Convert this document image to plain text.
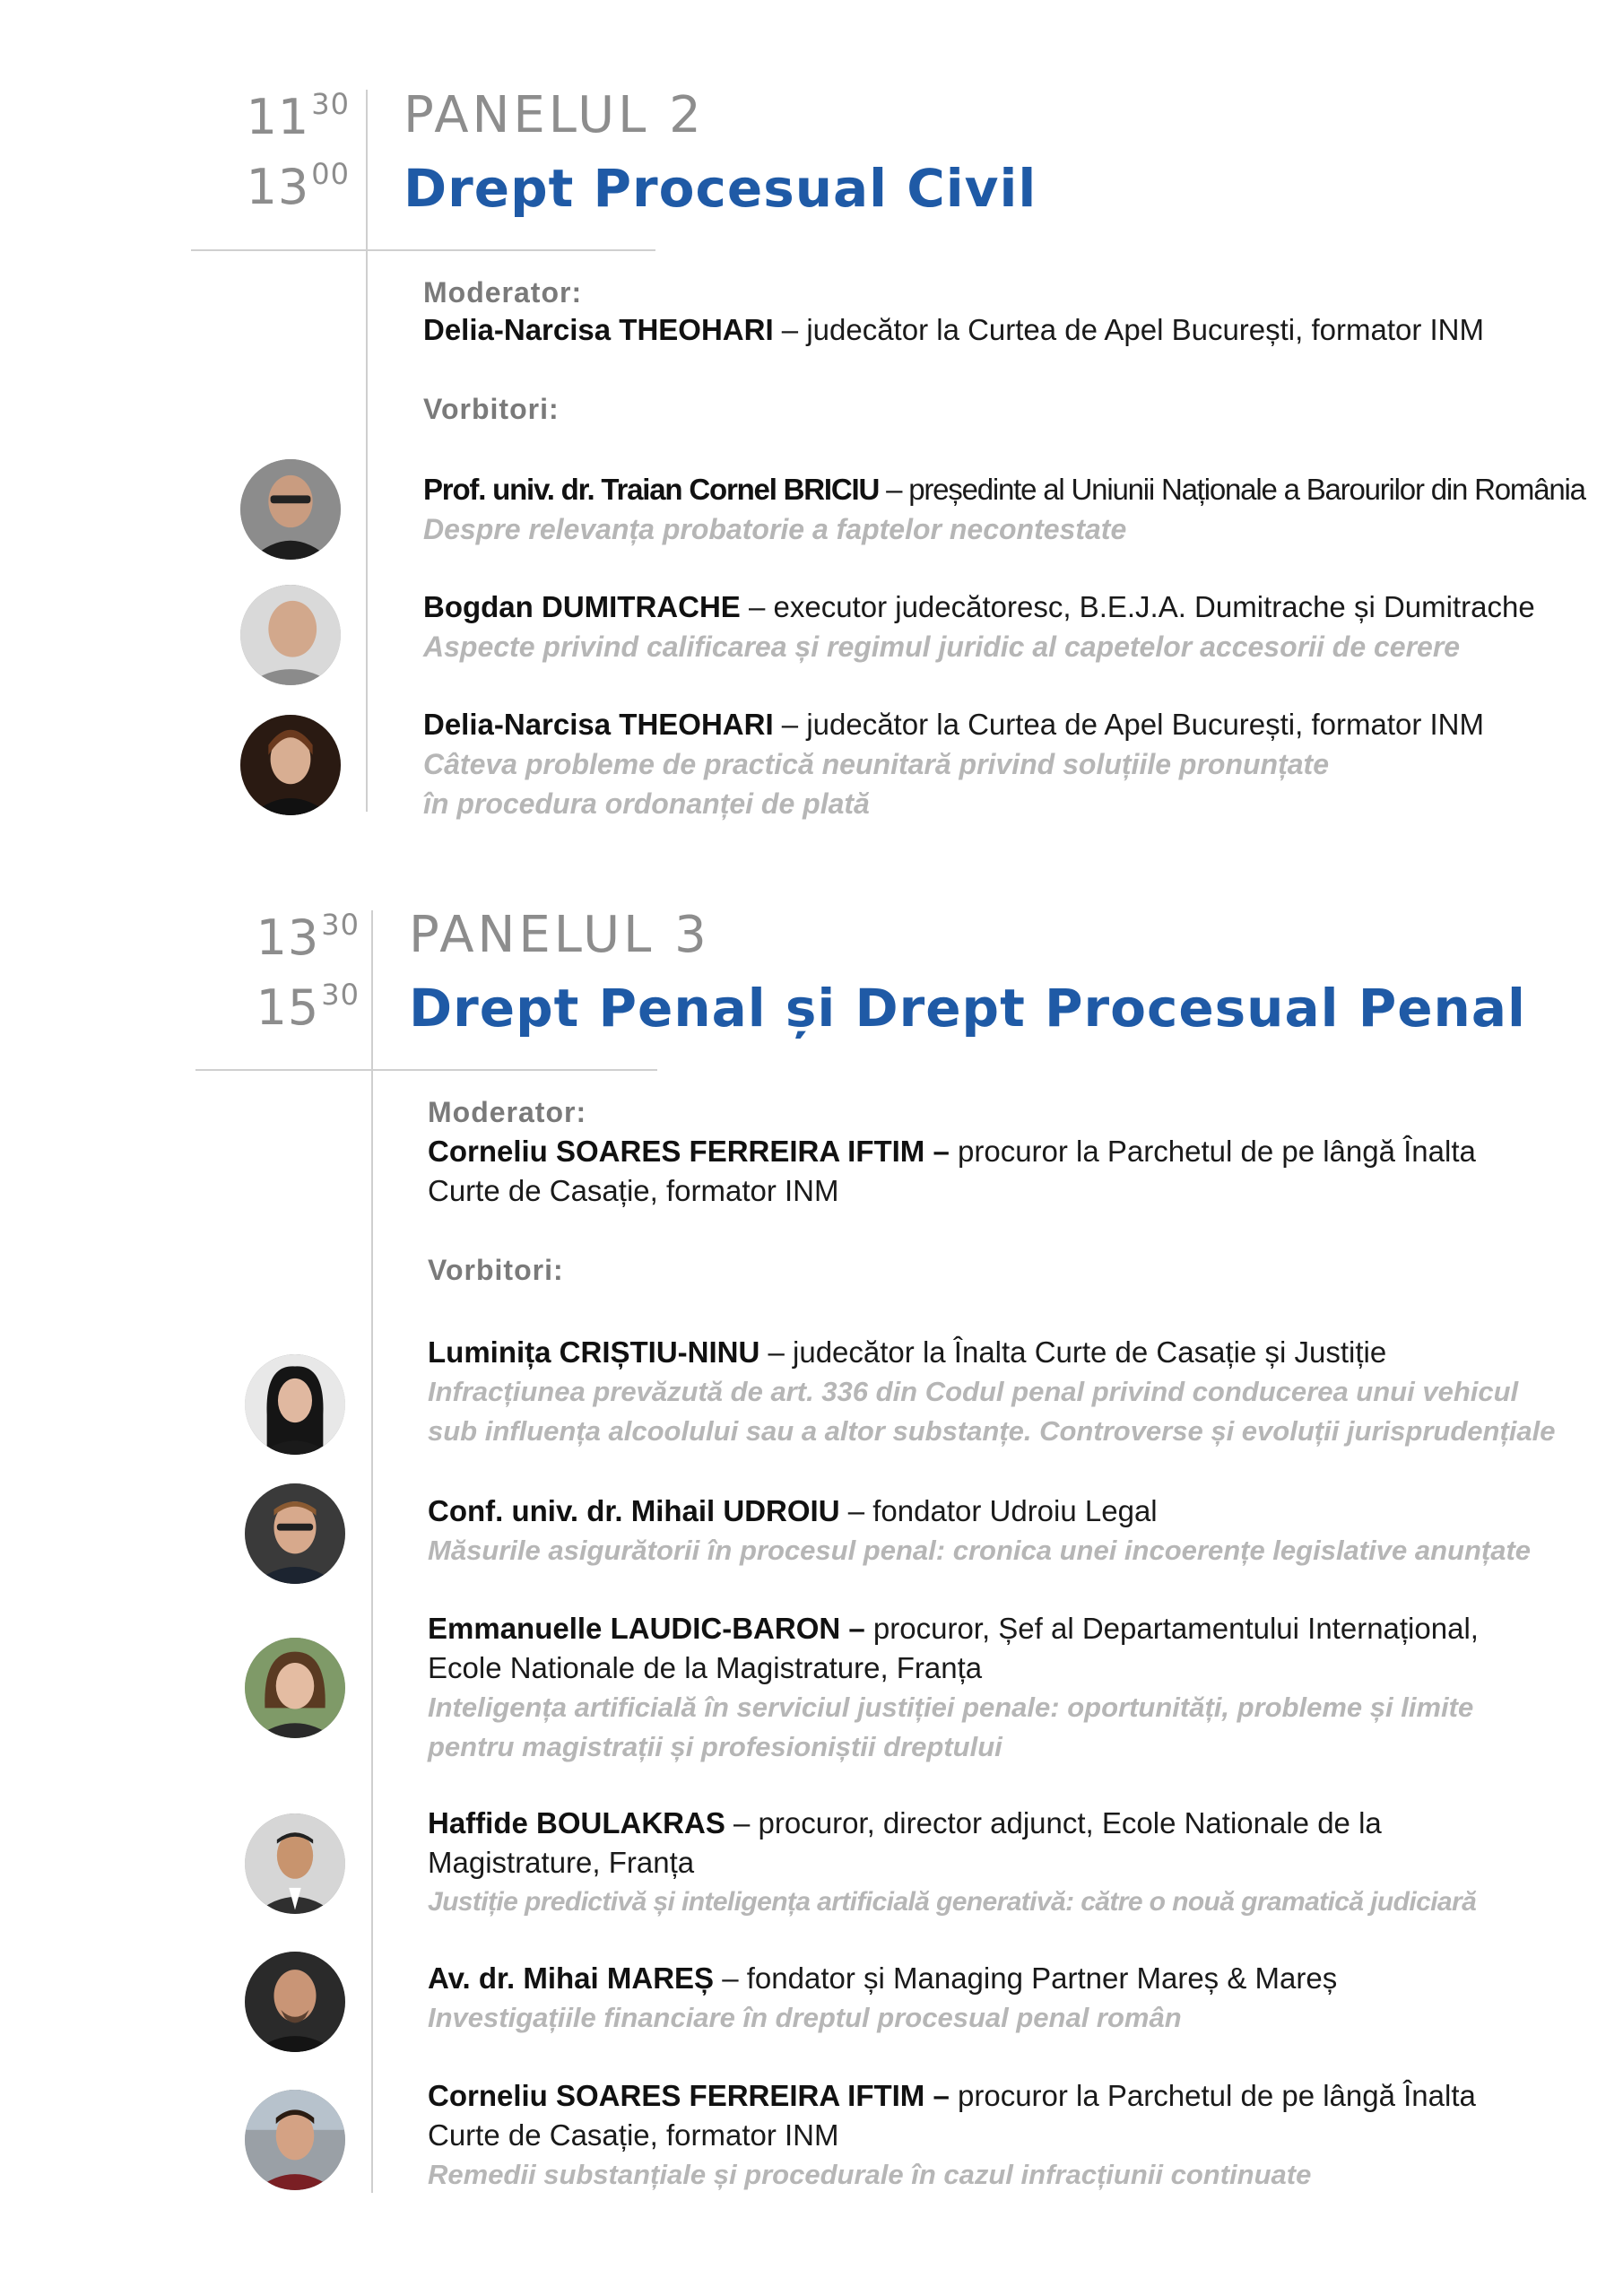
$11^{30}$
$13^{00}$
PANELUL 2
Drept Procesual Civil
Moderator:
Delia-Narcisa THEOHARI – judecător la Curtea de Apel București, formator INM
Vorbitori:
Prof. univ. dr. Traian Cornel BRICIU – președinte al Uniunii Naționale a Barourilor din România
Despre relevanța probatorie a faptelor necontestate
Bogdan DUMITRACHE – executor judecătoresc, B.E.J.A. Dumitrache și Dumitrache
Aspecte privind calificarea și regimul juridic al capetelor accesorii de cerere
Delia-Narcisa THEOHARI – judecător la Curtea de Apel București, formator INM
Câteva probleme de practică neunitară privind soluțiile pronunțate
în procedura ordonanței de plată
$13^{30}$
$15^{30}$
PANELUL 3
Drept Penal și Drept Procesual Penal
Moderator:
Corneliu SOARES FERREIRA IFTIM – procuror la Parchetul de pe lângă Înalta
Curte de Casație, formator INM
Vorbitori:
Luminița CRIȘTIU-NINU – judecător la Înalta Curte de Casație și Justiție
Infracțiunea prevăzută de art. 336 din Codul penal privind conducerea unui vehicul
sub influența alcoolului sau a altor substanțe. Controverse și evoluții jurisprudențiale
Conf. univ. dr. Mihail UDROIU – fondator Udroiu Legal
Măsurile asigurătorii în procesul penal: cronica unei incoerențe legislative anunțate
Emmanuelle LAUDIC-BARON – procuror, Șef al Departamentului Internațional,
Ecole Nationale de la Magistrature, Franța
Inteligența artificială în serviciul justiției penale: oportunități, probleme și limite
pentru magistrații și profesioniștii dreptului
Haffide BOULAKRAS – procuror, director adjunct, Ecole Nationale de la
Magistrature, Franța
Justiție predictivă și inteligența artificială generativă: către o nouă gramatică judiciară
Av. dr. Mihai MAREȘ – fondator și Managing Partner Mareș & Mareș
Investigațiile financiare în dreptul procesual penal român
Corneliu SOARES FERREIRA IFTIM – procuror la Parchetul de pe lângă Înalta
Curte de Casație, formator INM
Remedii substanțiale și procedurale în cazul infracțiunii continuate
